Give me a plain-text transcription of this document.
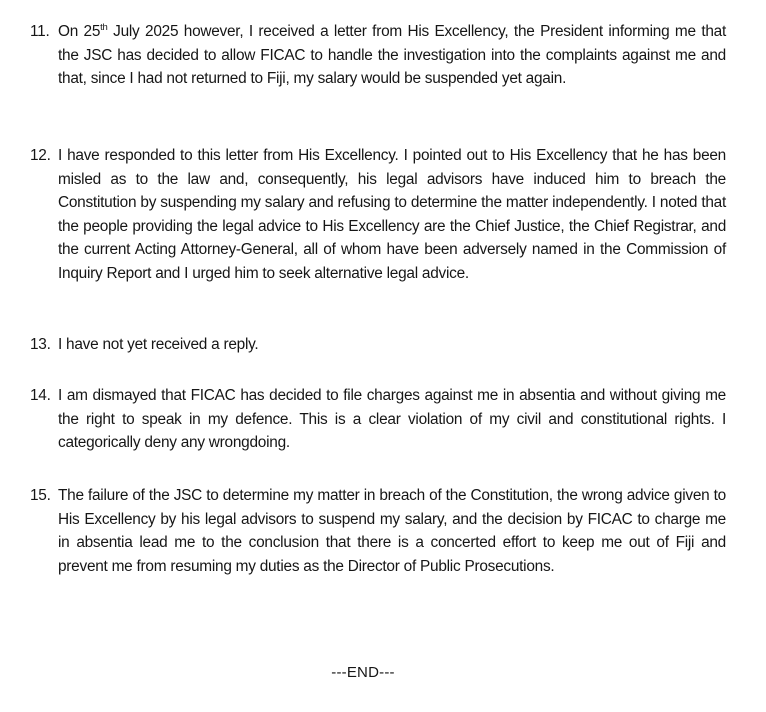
11. On 25th July 2025 however, I received a letter from His Excellency, the President informing me that the JSC has decided to allow FICAC to handle the investigation into the complaints against me and that, since I had not returned to Fiji, my salary would be suspended yet again.
12. I have responded to this letter from His Excellency. I pointed out to His Excellency that he has been misled as to the law and, consequently, his legal advisors have induced him to breach the Constitution by suspending my salary and refusing to determine the matter independently. I noted that the people providing the legal advice to His Excellency are the Chief Justice, the Chief Registrar, and the current Acting Attorney-General, all of whom have been adversely named in the Commission of Inquiry Report and I urged him to seek alternative legal advice.
13. I have not yet received a reply.
14. I am dismayed that FICAC has decided to file charges against me in absentia and without giving me the right to speak in my defence. This is a clear violation of my civil and constitutional rights. I categorically deny any wrongdoing.
15. The failure of the JSC to determine my matter in breach of the Constitution, the wrong advice given to His Excellency by his legal advisors to suspend my salary, and the decision by FICAC to charge me in absentia lead me to the conclusion that there is a concerted effort to keep me out of Fiji and prevent me from resuming my duties as the Director of Public Prosecutions.
---END---
